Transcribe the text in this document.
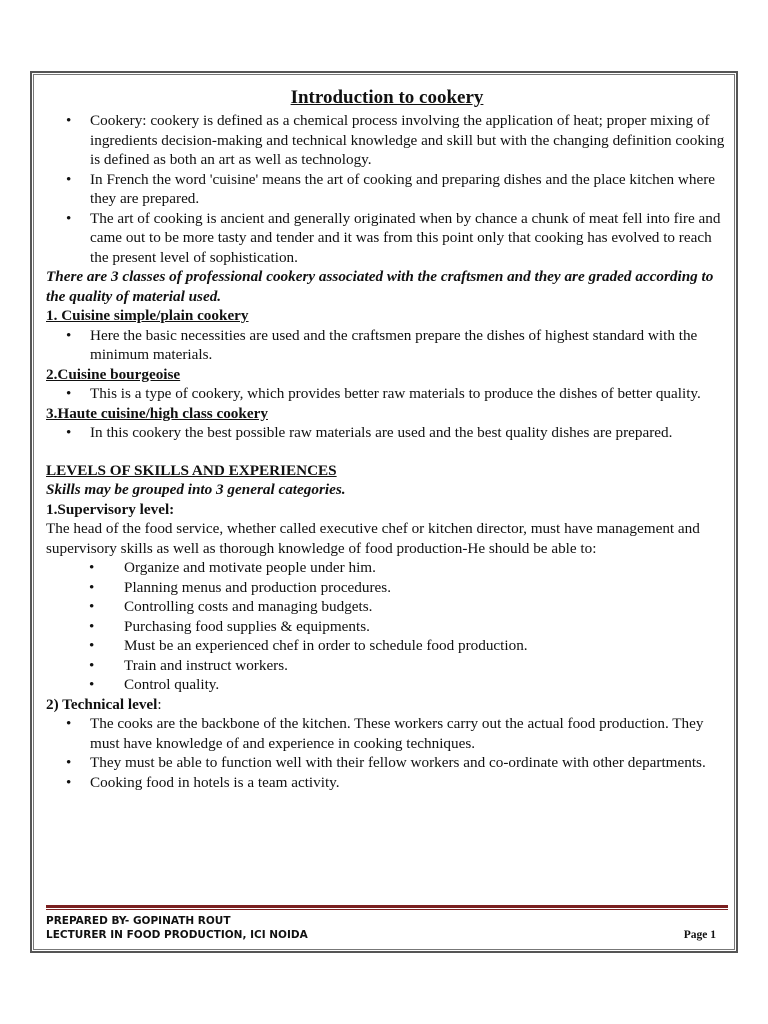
Introduction to cookery
• Cookery: cookery is defined as a chemical process involving the application of heat; proper mixing of ingredients decision-making and technical knowledge and skill but with the changing definition cooking is defined as both an art as well as technology.
• In French the word 'cuisine' means the art of cooking and preparing dishes and the place kitchen where they are prepared.
• The art of cooking is ancient and generally originated when by chance a chunk of meat fell into fire and came out to be more tasty and tender and it was from this point only that cooking has evolved to reach the present level of sophistication.
There are 3 classes of professional cookery associated with the craftsmen and they are graded according to the quality of material used.
1. Cuisine simple/plain cookery
• Here the basic necessities are used and the craftsmen prepare the dishes of highest standard with the minimum materials.
2.Cuisine bourgeoise
• This is a type of cookery, which provides better raw materials to produce the dishes of better quality.
3.Haute cuisine/high class cookery
• In this cookery the best possible raw materials are used and the best quality dishes are prepared.
LEVELS OF SKILLS AND EXPERIENCES
Skills may be grouped into 3 general categories.
1.Supervisory level:
The head of the food service, whether called executive chef or kitchen director, must have management and supervisory skills as well as thorough knowledge of food production-He should be able to:
• Organize and motivate people under him.
• Planning menus and production procedures.
• Controlling costs and managing budgets.
• Purchasing food supplies & equipments.
• Must be an experienced chef in order to schedule food production.
• Train and instruct workers.
• Control quality.
2) Technical level:
• The cooks are the backbone of the kitchen. These workers carry out the actual food production. They must have knowledge of and experience in cooking techniques.
• They must be able to function well with their fellow workers and co-ordinate with other departments.
• Cooking food in hotels is a team activity.
PREPARED BY- GOPINATH ROUT
LECTURER IN FOOD PRODUCTION, ICI NOIDA	Page 1
